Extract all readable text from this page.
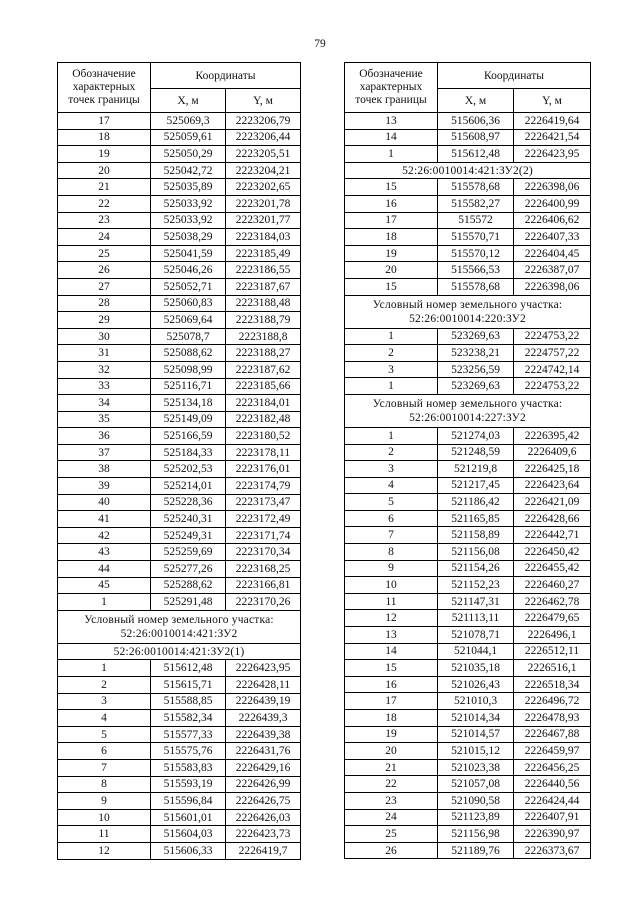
79
Обозначение характерных точек границы	Координаты	
	X, м	Y, м
17	525069,3	2223206,79
18	525059,61	2223206,44
19	525050,29	2223205,51
20	525042,72	2223204,21
21	525035,89	2223202,65
22	525033,92	2223201,78
23	525033,92	2223201,77
24	525038,29	2223184,03
25	525041,59	2223185,49
26	525046,26	2223186,55
27	525052,71	2223187,67
28	525060,83	2223188,48
29	525069,64	2223188,79
30	525078,7	2223188,8
31	525088,62	2223188,27
32	525098,99	2223187,62
33	525116,71	2223185,66
34	525134,18	2223184,01
35	525149,09	2223182,48
36	525166,59	2223180,52
37	525184,33	2223178,11
38	525202,53	2223176,01
39	525214,01	2223174,79
40	525228,36	2223173,47
41	525240,31	2223172,49
42	525249,31	2223171,74
43	525259,69	2223170,34
44	525277,26	2223168,25
45	525288,62	2223166,81
1	525291,48	2223170,26

Условный номер земельного участка:
52:26:0010014:421:ЗУ2		

52:26:0010014:421:ЗУ2(1)		

1	515612,48	2226423,95
2	515615,71	2226428,11
3	515588,85	2226439,19
4	515582,34	2226439,3
5	515577,33	2226439,38
6	515575,76	2226431,76
7	515583,83	2226429,16
8	515593,19	2226426,99
9	515596,84	2226426,75
10	515601,01	2226426,03
11	515604,03	2226423,73
12	515606,33	2226419,7
Обозначение характерных точек границы	Координаты	
	X, м	Y, м
13	515606,36	2226419,64
14	515608,97	2226421,54
1	515612,48	2226423,95

52:26:0010014:421:ЗУ2(2)		

15	515578,68	2226398,06
16	515582,27	2226400,99
17	515572	2226406,62
18	515570,71	2226407,33
19	515570,12	2226404,45
20	515566,53	2226387,07
15	515578,68	2226398,06

Условный номер земельного участка:
52:26:0010014:220:ЗУ2		

1	523269,63	2224753,22
2	523238,21	2224757,22
3	523256,59	2224742,14
1	523269,63	2224753,22

Условный номер земельного участка:
52:26:0010014:227:ЗУ2		

1	521274,03	2226395,42
2	521248,59	2226409,6
3	521219,8	2226425,18
4	521217,45	2226423,64
5	521186,42	2226421,09
6	521165,85	2226428,66
7	521158,89	2226442,71
8	521156,08	2226450,42
9	521154,26	2226455,42
10	521152,23	2226460,27
11	521147,31	2226462,78
12	521113,11	2226479,65
13	521078,71	2226496,1
14	521044,1	2226512,11
15	521035,18	2226516,1
16	521026,43	2226518,34
17	521010,3	2226496,72
18	521014,34	2226478,93
19	521014,57	2226467,88
20	521015,12	2226459,97
21	521023,38	2226456,25
22	521057,08	2226440,56
23	521090,58	2226424,44
24	521123,89	2226407,91
25	521156,98	2226390,97
26	521189,76	2226373,67
